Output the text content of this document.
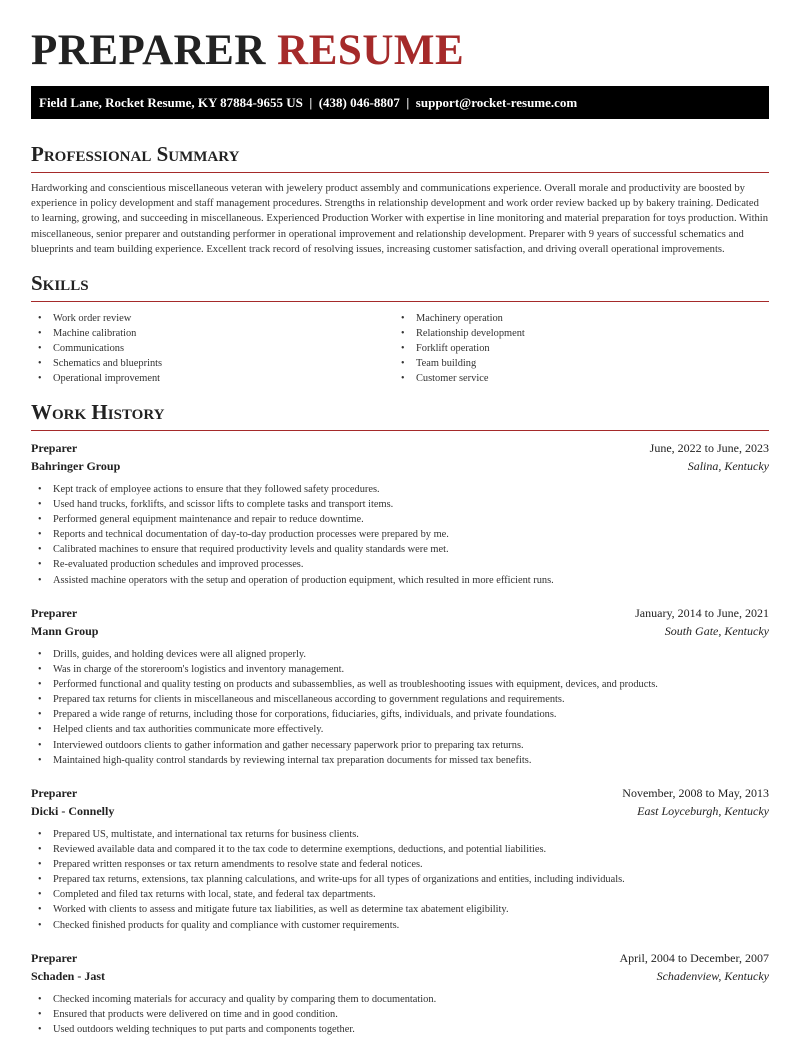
PREPARER RESUME
Field Lane, Rocket Resume, KY 87884-9655 US  |  (438) 046-8807  |  support@rocket-resume.com
Professional Summary

Hardworking and conscientious miscellaneous veteran with jewelery product assembly and communications experience. Overall morale and productivity are boosted by experience in policy development and staff management procedures. Strengths in relationship development and work order review backed up by bakery training. Dedicated to learning, growing, and succeeding in miscellaneous. Experienced Production Worker with expertise in line monitoring and material preparation for toys production. Within miscellaneous, senior preparer and outstanding performer in operational improvement and relationship development. Preparer with 9 years of successful schematics and blueprints and team building experience. Excellent track record of resolving issues, increasing customer satisfaction, and driving overall operational improvements.

Skills
• Work order review
• Machine calibration
• Communications
• Schematics and blueprints
• Operational improvement
• Machinery operation
• Relationship development
• Forklift operation
• Team building
• Customer service
Work History
Preparer	June, 2022 to June, 2023
Bahringer Group	Salina, Kentucky
• Kept track of employee actions to ensure that they followed safety procedures.
• Used hand trucks, forklifts, and scissor lifts to complete tasks and transport items.
• Performed general equipment maintenance and repair to reduce downtime.
• Reports and technical documentation of day-to-day production processes were prepared by me.
• Calibrated machines to ensure that required productivity levels and quality standards were met.
• Re-evaluated production schedules and improved processes.
• Assisted machine operators with the setup and operation of production equipment, which resulted in more efficient runs.
Preparer	January, 2014 to June, 2021
Mann Group	South Gate, Kentucky
• Drills, guides, and holding devices were all aligned properly.
• Was in charge of the storeroom's logistics and inventory management.
• Performed functional and quality testing on products and subassemblies, as well as troubleshooting issues with equipment, devices, and products.
• Prepared tax returns for clients in miscellaneous and miscellaneous according to government regulations and requirements.
• Prepared a wide range of returns, including those for corporations, fiduciaries, gifts, individuals, and private foundations.
• Helped clients and tax authorities communicate more effectively.
• Interviewed outdoors clients to gather information and gather necessary paperwork prior to preparing tax returns.
• Maintained high-quality control standards by reviewing internal tax preparation documents for missed tax benefits.
Preparer	November, 2008 to May, 2013
Dicki - Connelly	East Loyceburgh, Kentucky
• Prepared US, multistate, and international tax returns for business clients.
• Reviewed available data and compared it to the tax code to determine exemptions, deductions, and potential liabilities.
• Prepared written responses or tax return amendments to resolve state and federal notices.
• Prepared tax returns, extensions, tax planning calculations, and write-ups for all types of organizations and entities, including individuals.
• Completed and filed tax returns with local, state, and federal tax departments.
• Worked with clients to assess and mitigate future tax liabilities, as well as determine tax abatement eligibility.
• Checked finished products for quality and compliance with customer requirements.
Preparer	April, 2004 to December, 2007
Schaden - Jast	Schadenview, Kentucky
• Checked incoming materials for accuracy and quality by comparing them to documentation.
• Ensured that products were delivered on time and in good condition.
• Used outdoors welding techniques to put parts and components together.
